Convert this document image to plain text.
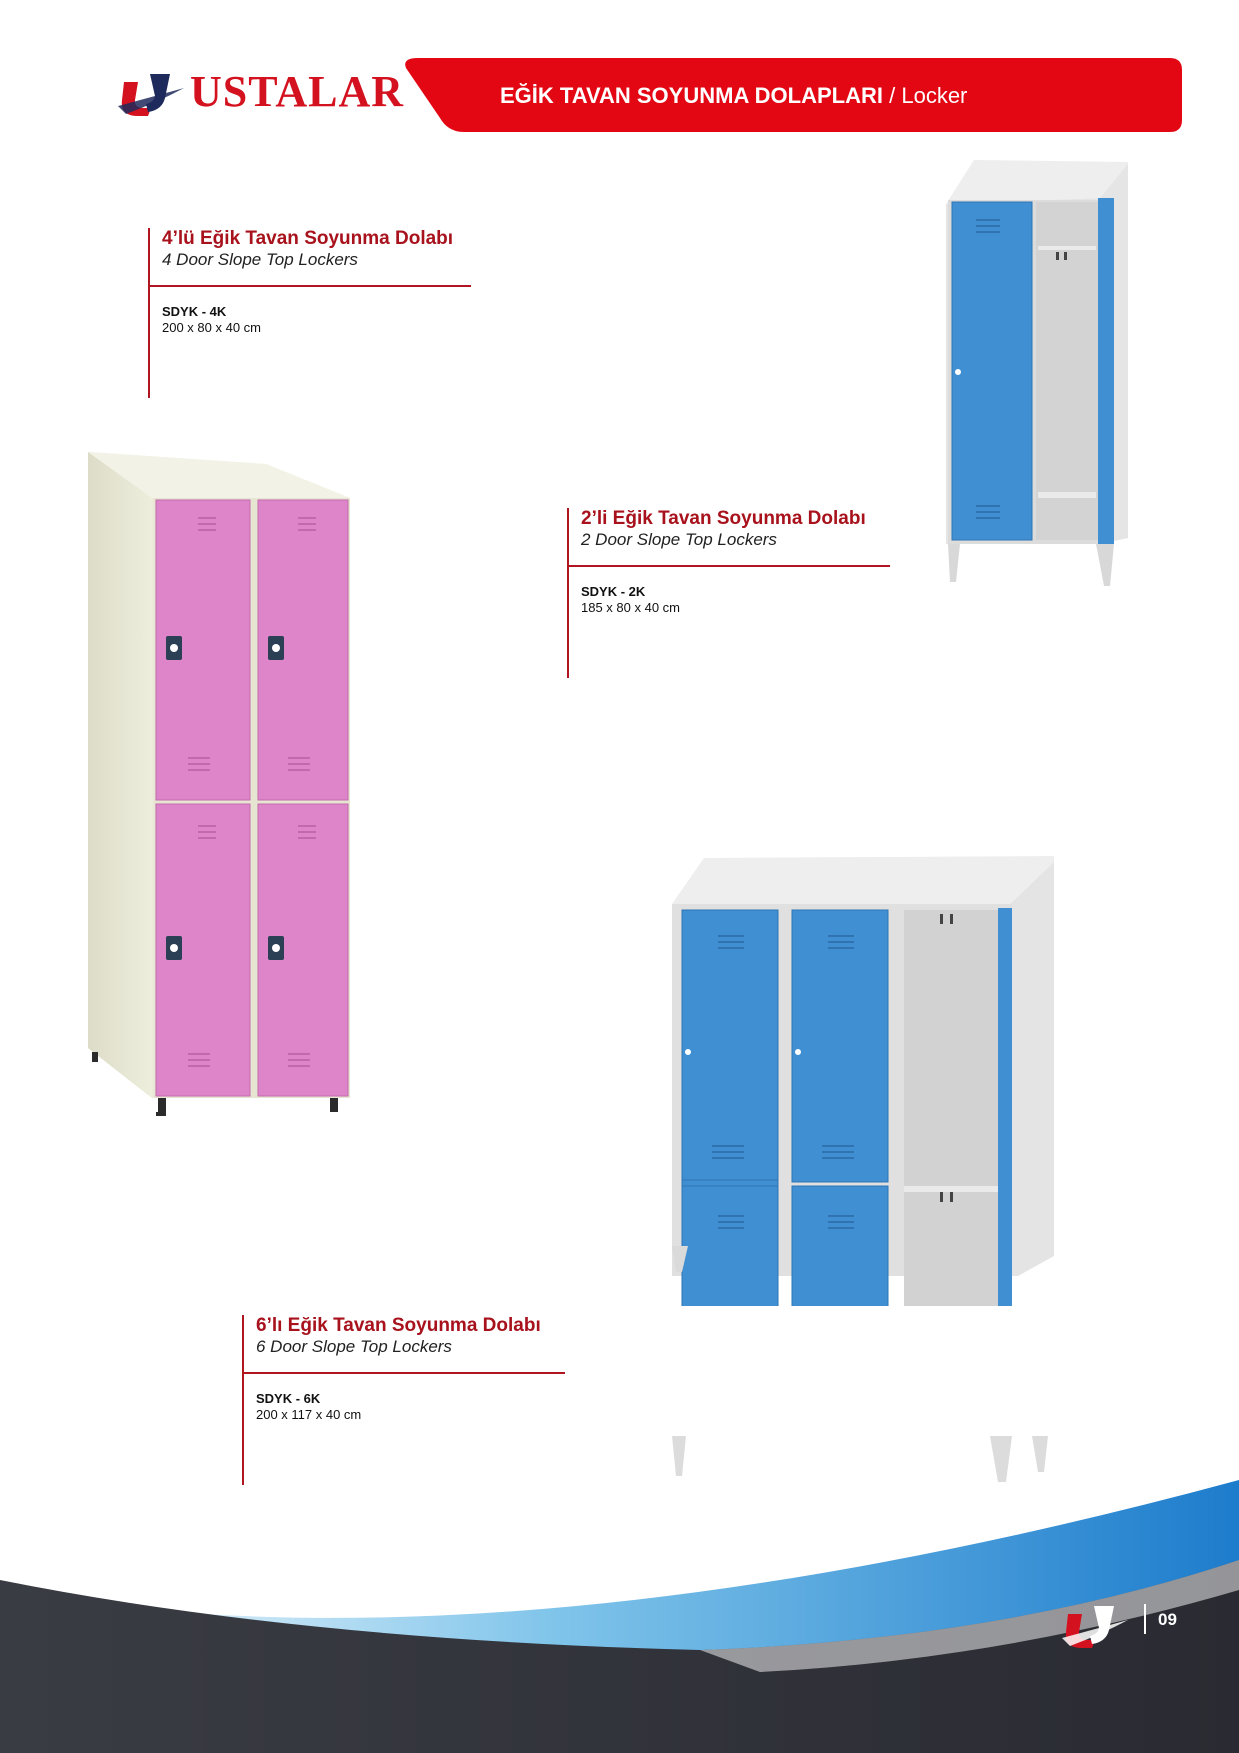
USTALAR	EĞİK TAVAN SOYUNMA DOLAPLARI / Locker
4’lü Eğik Tavan Soyunma Dolabı
4 Door Slope Top Lockers
SDYK - 4K
200 x 80 x 40 cm
2’li Eğik Tavan Soyunma Dolabı
2 Door Slope Top Lockers
SDYK - 2K
185 x 80 x 40 cm
6’lı Eğik Tavan Soyunma Dolabı
6 Door Slope Top Lockers
SDYK - 6K
200 x 117 x 40 cm
09
